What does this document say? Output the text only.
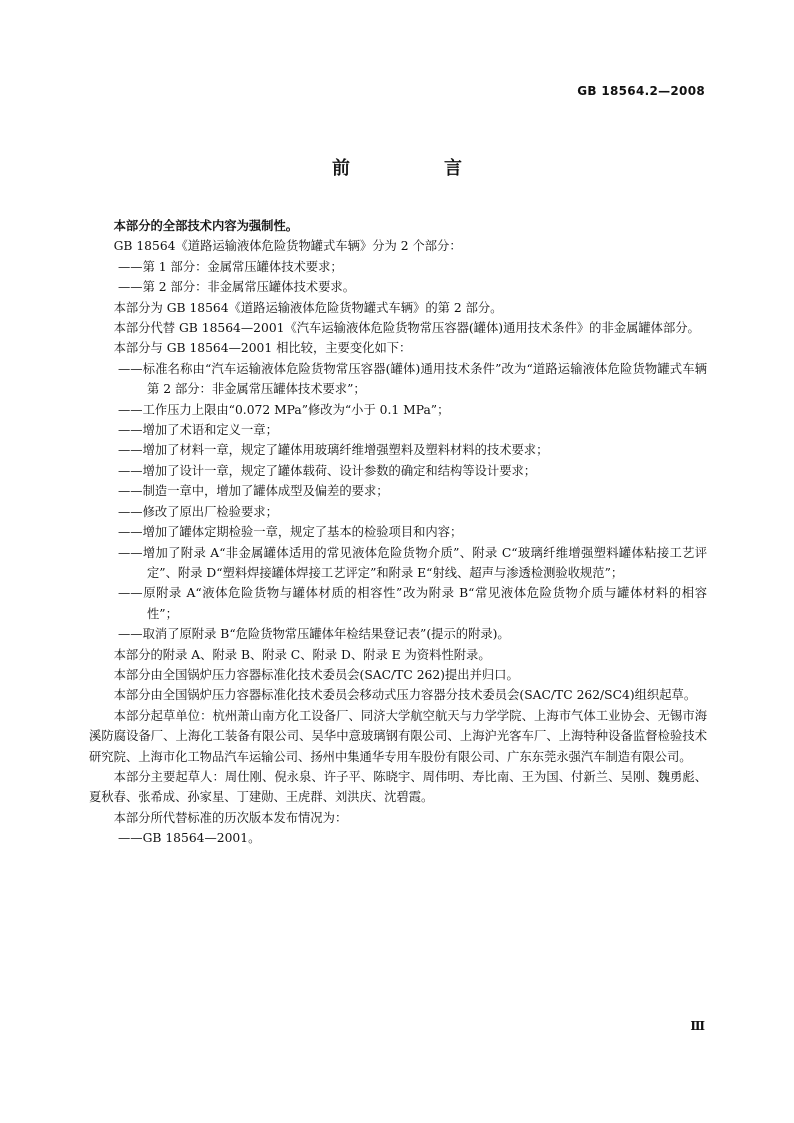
GB 18564.2—2008
前　言
本部分的全部技术内容为强制性。
GB 18564《道路运输液体危险货物罐式车辆》分为 2 个部分：
——第 1 部分：金属常压罐体技术要求；
——第 2 部分：非金属常压罐体技术要求。
本部分为 GB 18564《道路运输液体危险货物罐式车辆》的第 2 部分。
本部分代替 GB 18564—2001《汽车运输液体危险货物常压容器(罐体)通用技术条件》的非金属罐体部分。
本部分与 GB 18564—2001 相比较，主要变化如下：
——标准名称由“汽车运输液体危险货物常压容器(罐体)通用技术条件”改为“道路运输液体危险货物罐式车辆 第 2 部分：非金属常压罐体技术要求”；
——工作压力上限由“0.072 MPa”修改为“小于 0.1 MPa”；
——增加了术语和定义一章；
——增加了材料一章，规定了罐体用玻璃纤维增强塑料及塑料材料的技术要求；
——增加了设计一章，规定了罐体载荷、设计参数的确定和结构等设计要求；
——制造一章中，增加了罐体成型及偏差的要求；
——修改了原出厂检验要求；
——增加了罐体定期检验一章，规定了基本的检验项目和内容；
——增加了附录 A“非金属罐体适用的常见液体危险货物介质”、附录 C“玻璃纤维增强塑料罐体粘接工艺评定”、附录 D“塑料焊接罐体焊接工艺评定”和附录 E“射线、超声与渗透检测验收规范”；
——原附录 A“液体危险货物与罐体材质的相容性”改为附录 B“常见液体危险货物介质与罐体材料的相容性”；
——取消了原附录 B“危险货物常压罐体年检结果登记表”(提示的附录)。
本部分的附录 A、附录 B、附录 C、附录 D、附录 E 为资料性附录。
本部分由全国锅炉压力容器标准化技术委员会(SAC/TC 262)提出并归口。
本部分由全国锅炉压力容器标准化技术委员会移动式压力容器分技术委员会(SAC/TC 262/SC4)组织起草。
本部分起草单位：杭州萧山南方化工设备厂、同济大学航空航天与力学学院、上海市气体工业协会、无锡市海溪防腐设备厂、上海化工装备有限公司、吴华中意玻璃钢有限公司、上海沪光客车厂、上海特种设备监督检验技术研究院、上海市化工物品汽车运输公司、扬州中集通华专用车股份有限公司、广东东莞永强汽车制造有限公司。
本部分主要起草人：周仕刚、倪永泉、许子平、陈晓宇、周伟明、寿比南、王为国、付新兰、吴刚、魏勇彪、夏秋春、张希成、孙家星、丁建勋、王虎群、刘洪庆、沈碧霞。
本部分所代替标准的历次版本发布情况为：
——GB 18564—2001。
Ⅲ
